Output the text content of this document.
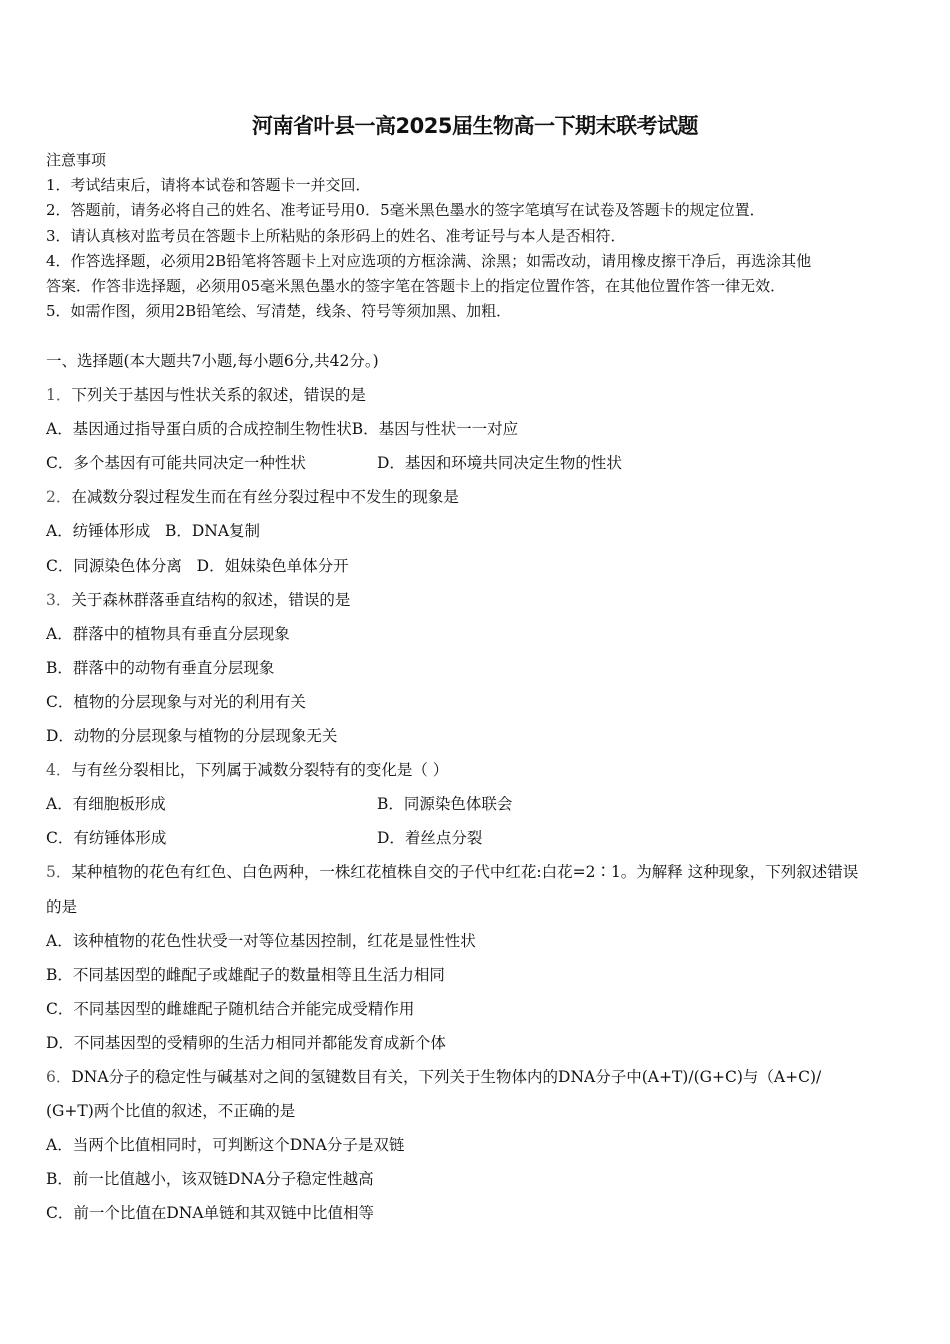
河南省叶县一高2025届生物高一下期末联考试题
注意事项
1．考试结束后，请将本试卷和答题卡一并交回．
2．答题前，请务必将自己的姓名、准考证号用0．5毫米黑色墨水的签字笔填写在试卷及答题卡的规定位置．
3．请认真核对监考员在答题卡上所粘贴的条形码上的姓名、准考证号与本人是否相符．
4．作答选择题，必须用2B铅笔将答题卡上对应选项的方框涂满、涂黑；如需改动，请用橡皮擦干净后，再选涂其他
答案．作答非选择题，必须用05毫米黑色墨水的签字笔在答题卡上的指定位置作答，在其他位置作答一律无效．
5．如需作图，须用2B铅笔绘、写清楚，线条、符号等须加黑、加粗．
一、选择题(本大题共7小题,每小题6分,共42分。)
1．下列关于基因与性状关系的叙述，错误的是
A．基因通过指导蛋白质的合成控制生物性状B．基因与性状一一对应
C．多个基因有可能共同决定一种性状	D．基因和环境共同决定生物的性状
2．在减数分裂过程发生而在有丝分裂过程中不发生的现象是
A．纺锤体形成 B．DNA复制
C．同源染色体分离 D．姐妹染色单体分开
3．关于森林群落垂直结构的叙述，错误的是
A．群落中的植物具有垂直分层现象
B．群落中的动物有垂直分层现象
C．植物的分层现象与对光的利用有关
D．动物的分层现象与植物的分层现象无关
4．与有丝分裂相比，下列属于减数分裂特有的变化是（ ）
A．有细胞板形成	B．同源染色体联会
C．有纺锤体形成	D．着丝点分裂
5．某种植物的花色有红色、白色两种，一株红花植株自交的子代中红花:白花=2∶1。为解释 这种现象，下列叙述错误
的是
A．该种植物的花色性状受一对等位基因控制，红花是显性性状
B．不同基因型的雌配子或雄配子的数量相等且生活力相同
C．不同基因型的雌雄配子随机结合并能完成受精作用
D．不同基因型的受精卵的生活力相同并都能发育成新个体
6．DNA分子的稳定性与碱基对之间的氢键数目有关，下列关于生物体内的DNA分子中(A+T)/(G+C)与（A+C)/
(G+T)两个比值的叙述，不正确的是
A．当两个比值相同时，可判断这个DNA分子是双链
B．前一比值越小，该双链DNA分子稳定性越高
C．前一个比值在DNA单链和其双链中比值相等
